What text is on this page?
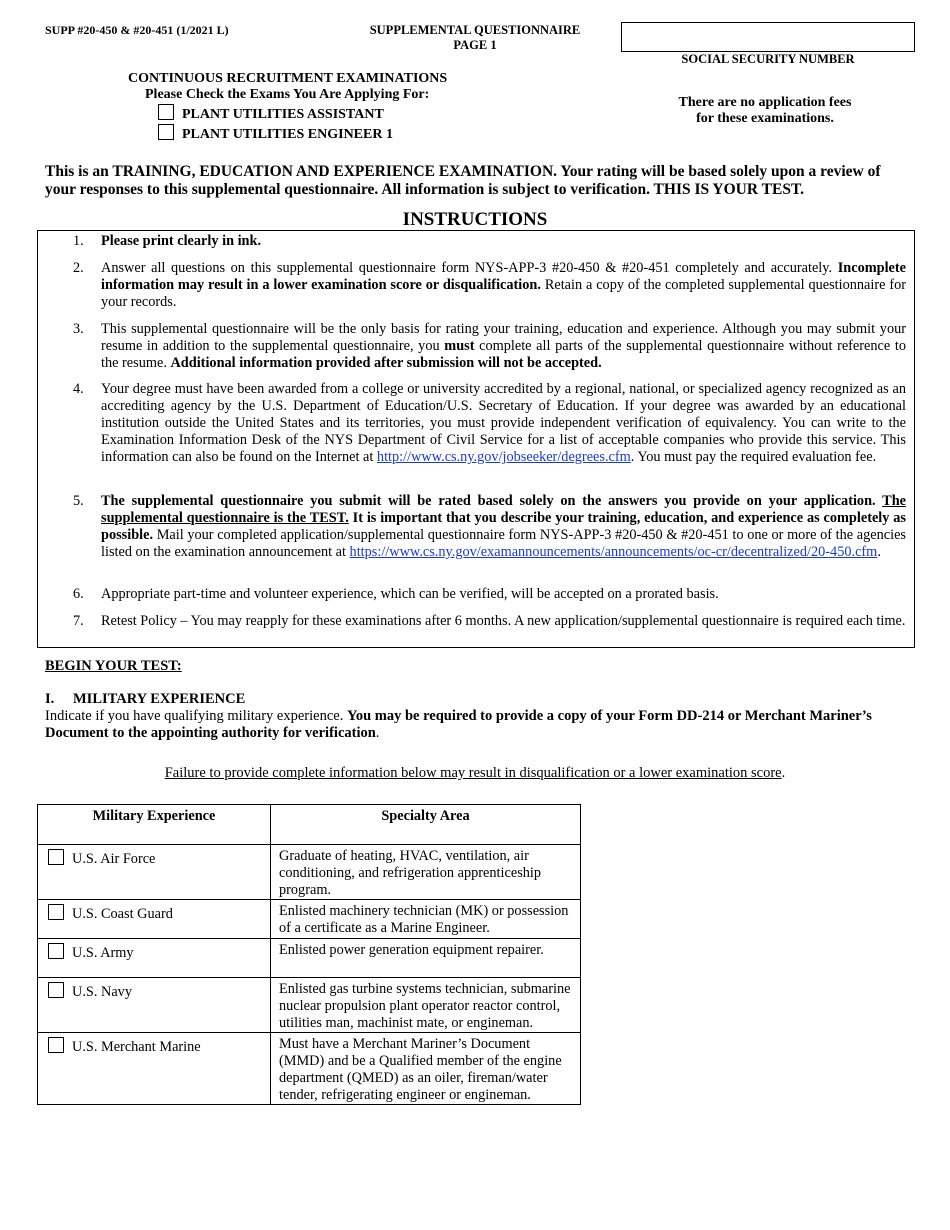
SUPP #20-450 & #20-451 (1/2021 L)	SUPPLEMENTAL QUESTIONNAIRE
PAGE 1
SOCIAL SECURITY NUMBER
CONTINUOUS RECRUITMENT EXAMINATIONS
Please Check the Exams You Are Applying For:
PLANT UTILITIES ASSISTANT
PLANT UTILITIES ENGINEER 1
There are no application fees
for these examinations.
This is an TRAINING, EDUCATION AND EXPERIENCE EXAMINATION. Your rating will be based solely upon a review of your responses to this supplemental questionnaire. All information is subject to verification. THIS IS YOUR TEST.
INSTRUCTIONS
1.	Please print clearly in ink.
2.	Answer all questions on this supplemental questionnaire form NYS-APP-3 #20-450 & #20-451 completely and accurately. Incomplete information may result in a lower examination score or disqualification. Retain a copy of the completed supplemental questionnaire for your records.
3.	This supplemental questionnaire will be the only basis for rating your training, education and experience. Although you may submit your resume in addition to the supplemental questionnaire, you must complete all parts of the supplemental questionnaire without reference to the resume. Additional information provided after submission will not be accepted.
4.	Your degree must have been awarded from a college or university accredited by a regional, national, or specialized agency recognized as an accrediting agency by the U.S. Department of Education/U.S. Secretary of Education. If your degree was awarded by an educational institution outside the United States and its territories, you must provide independent verification of equivalency. You can write to the Examination Information Desk of the NYS Department of Civil Service for a list of acceptable companies who provide this service. This information can also be found on the Internet at http://www.cs.ny.gov/jobseeker/degrees.cfm. You must pay the required evaluation fee.
5.	The supplemental questionnaire you submit will be rated based solely on the answers you provide on your application. The supplemental questionnaire is the TEST. It is important that you describe your training, education, and experience as completely as possible. Mail your completed application/supplemental questionnaire form NYS-APP-3 #20-450 & #20-451 to one or more of the agencies listed on the examination announcement at https://www.cs.ny.gov/examannouncements/announcements/oc-cr/decentralized/20-450.cfm.
6.	Appropriate part-time and volunteer experience, which can be verified, will be accepted on a prorated basis.
7.	Retest Policy – You may reapply for these examinations after 6 months. A new application/supplemental questionnaire is required each time.
BEGIN YOUR TEST:
I. MILITARY EXPERIENCE
Indicate if you have qualifying military experience. You may be required to provide a copy of your Form DD-214 or Merchant Mariner’s Document to the appointing authority for verification.
Failure to provide complete information below may result in disqualification or a lower examination score.
Military Experience	Specialty Area
U.S. Air Force	Graduate of heating, HVAC, ventilation, air conditioning, and refrigeration apprenticeship program.
U.S. Coast Guard	Enlisted machinery technician (MK) or possession of a certificate as a Marine Engineer.
U.S. Army	Enlisted power generation equipment repairer.
U.S. Navy	Enlisted gas turbine systems technician, submarine nuclear propulsion plant operator reactor control, utilities man, machinist mate, or engineman.
U.S. Merchant Marine	Must have a Merchant Mariner’s Document (MMD) and be a Qualified member of the engine department (QMED) as an oiler, fireman/water tender, refrigerating engineer or engineman.
